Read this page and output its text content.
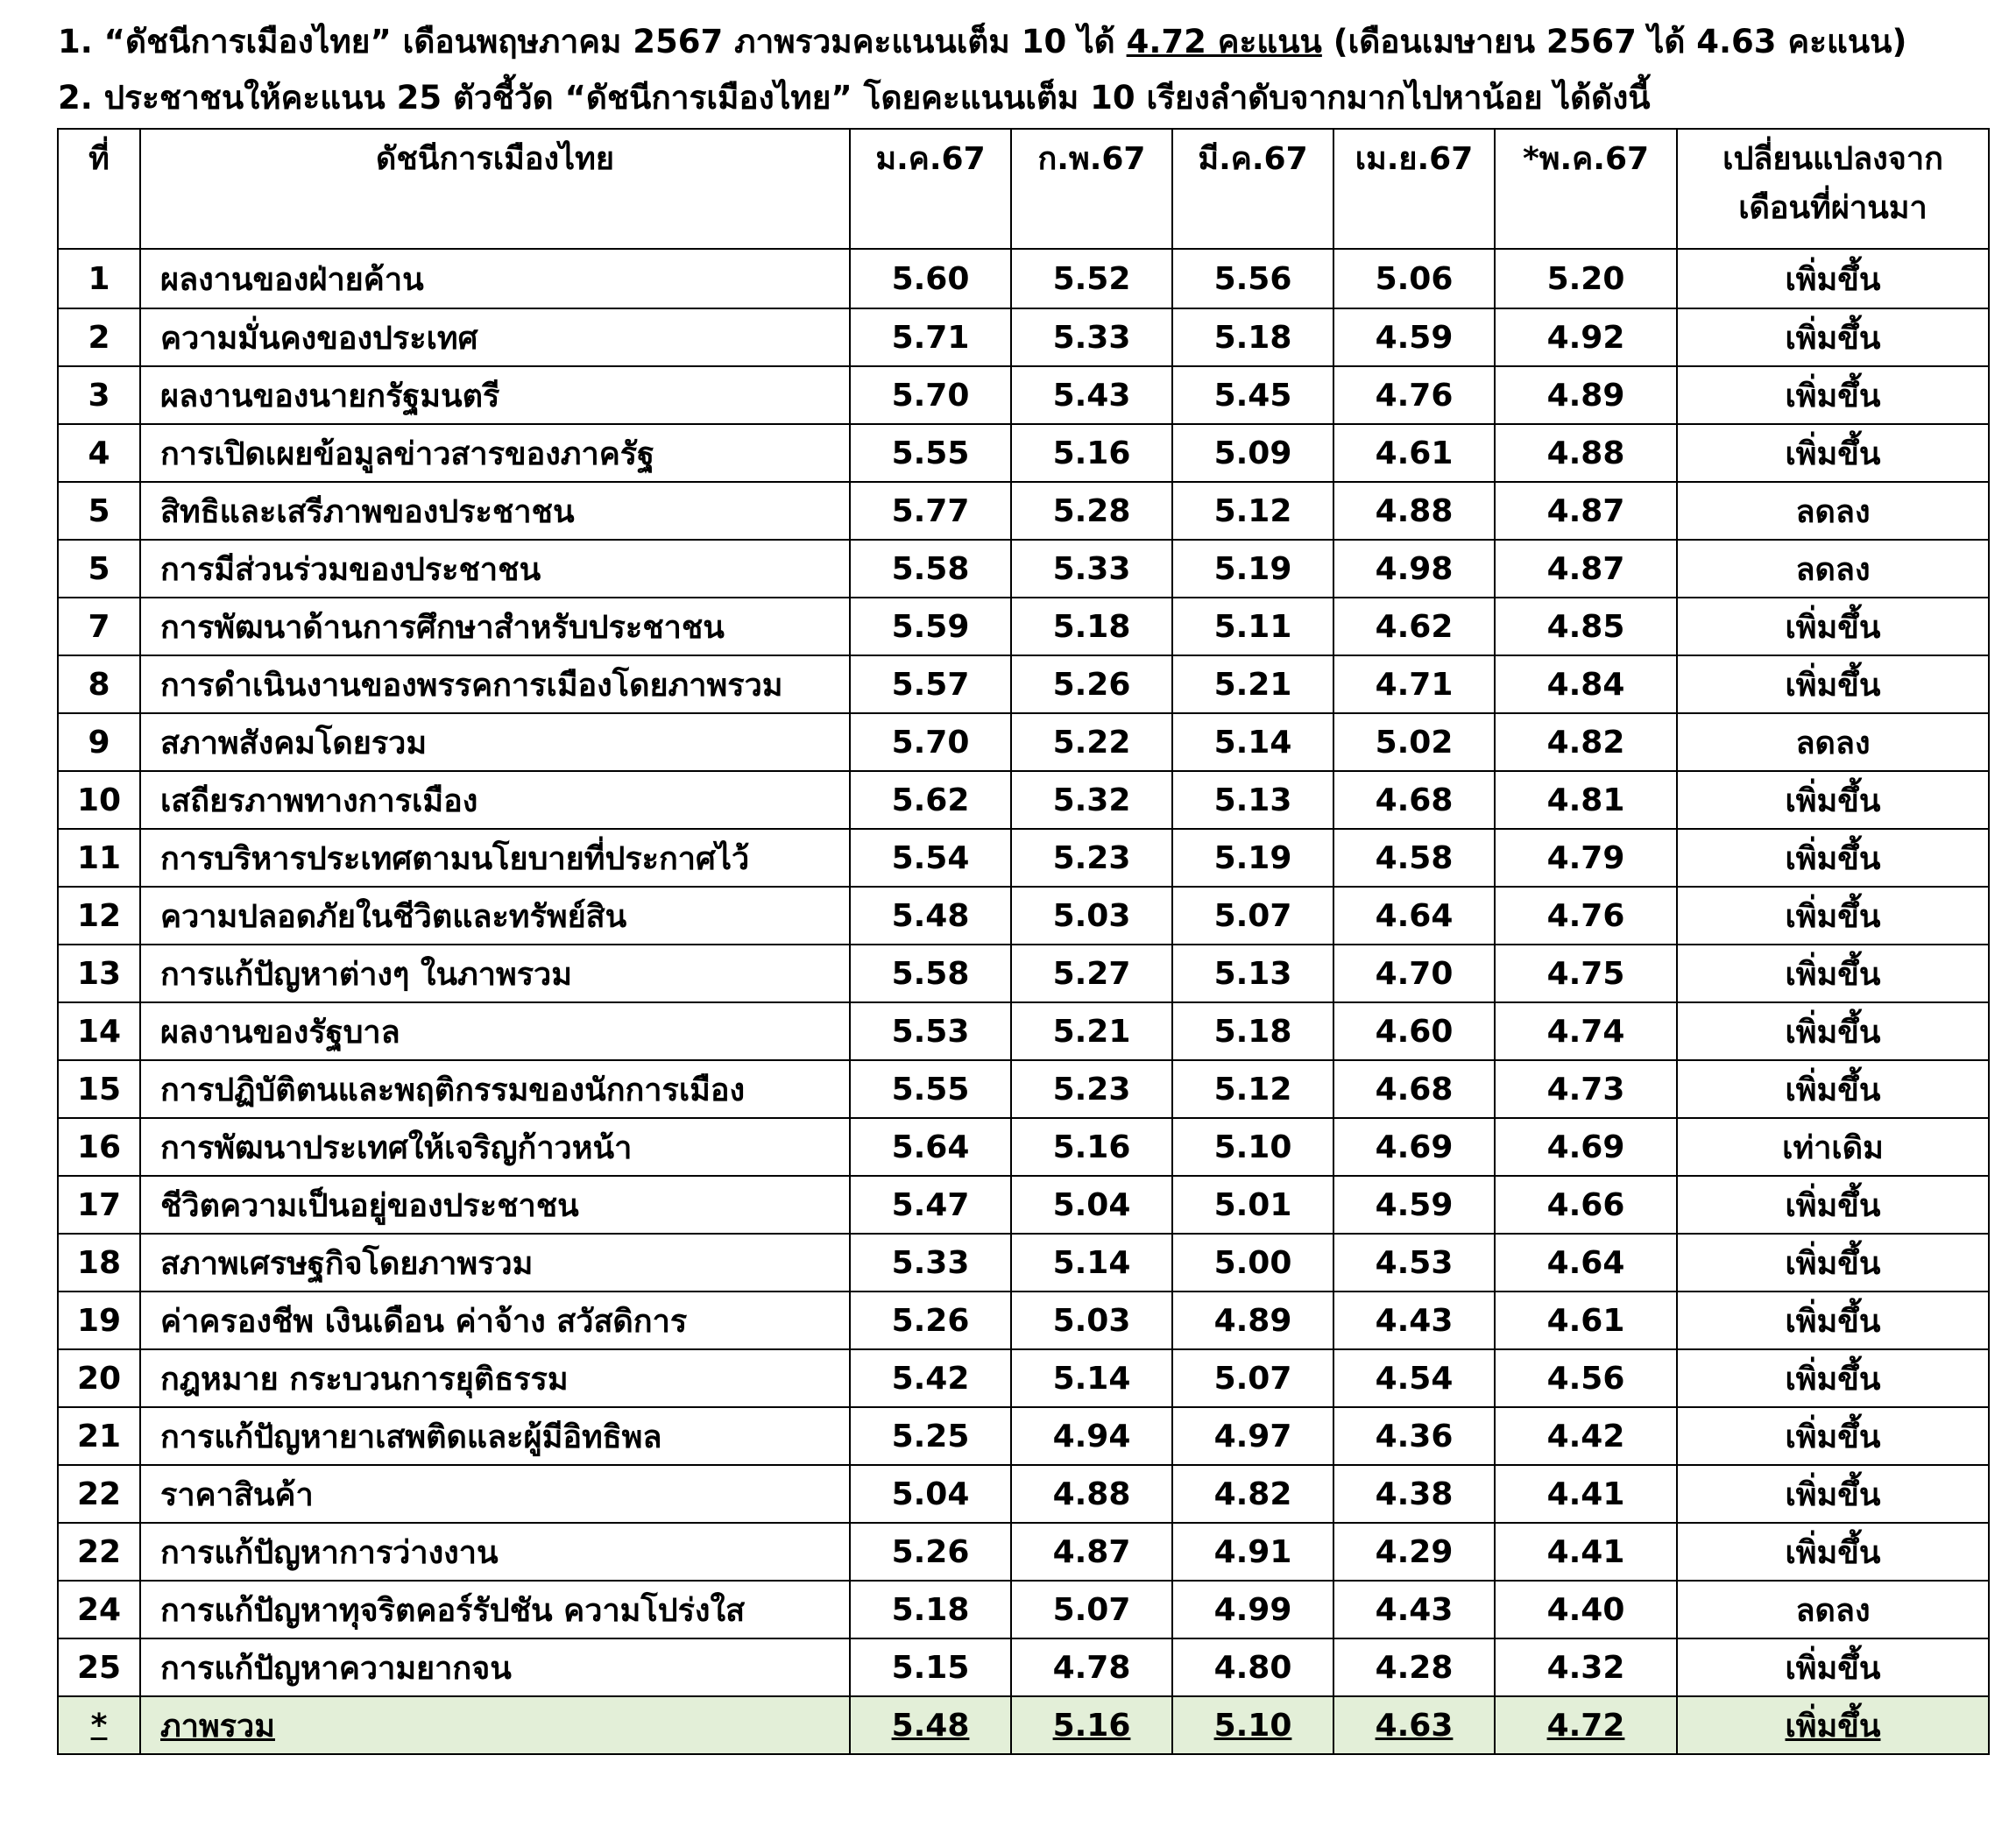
1. “ดัชนีการเมืองไทย” เดือนพฤษภาคม 2567 ภาพรวมคะแนนเต็ม 10 ได้ 4.72 คะแนน (เดือนเมษายน 2567 ได้ 4.63 คะแนน)
2. ประชาชนให้คะแนน 25 ตัวชี้วัด “ดัชนีการเมืองไทย” โดยคะแนนเต็ม 10 เรียงลำดับจากมากไปหาน้อย ได้ดังนี้
ที่	ดัชนีการเมืองไทย	ม.ค.67	ก.พ.67	มี.ค.67	เม.ย.67	*พ.ค.67	เปลี่ยนแปลงจาก
เดือนที่ผ่านมา

1	ผลงานของฝ่ายค้าน	5.60	5.52	5.56	5.06	5.20	เพิ่มขึ้น
2	ความมั่นคงของประเทศ	5.71	5.33	5.18	4.59	4.92	เพิ่มขึ้น
3	ผลงานของนายกรัฐมนตรี	5.70	5.43	5.45	4.76	4.89	เพิ่มขึ้น
4	การเปิดเผยข้อมูลข่าวสารของภาครัฐ	5.55	5.16	5.09	4.61	4.88	เพิ่มขึ้น
5	สิทธิและเสรีภาพของประชาชน	5.77	5.28	5.12	4.88	4.87	ลดลง
5	การมีส่วนร่วมของประชาชน	5.58	5.33	5.19	4.98	4.87	ลดลง
7	การพัฒนาด้านการศึกษาสำหรับประชาชน	5.59	5.18	5.11	4.62	4.85	เพิ่มขึ้น
8	การดำเนินงานของพรรคการเมืองโดยภาพรวม	5.57	5.26	5.21	4.71	4.84	เพิ่มขึ้น
9	สภาพสังคมโดยรวม	5.70	5.22	5.14	5.02	4.82	ลดลง
10	เสถียรภาพทางการเมือง	5.62	5.32	5.13	4.68	4.81	เพิ่มขึ้น
11	การบริหารประเทศตามนโยบายที่ประกาศไว้	5.54	5.23	5.19	4.58	4.79	เพิ่มขึ้น
12	ความปลอดภัยในชีวิตและทรัพย์สิน	5.48	5.03	5.07	4.64	4.76	เพิ่มขึ้น
13	การแก้ปัญหาต่างๆ ในภาพรวม	5.58	5.27	5.13	4.70	4.75	เพิ่มขึ้น
14	ผลงานของรัฐบาล	5.53	5.21	5.18	4.60	4.74	เพิ่มขึ้น
15	การปฏิบัติตนและพฤติกรรมของนักการเมือง	5.55	5.23	5.12	4.68	4.73	เพิ่มขึ้น
16	การพัฒนาประเทศให้เจริญก้าวหน้า	5.64	5.16	5.10	4.69	4.69	เท่าเดิม
17	ชีวิตความเป็นอยู่ของประชาชน	5.47	5.04	5.01	4.59	4.66	เพิ่มขึ้น
18	สภาพเศรษฐกิจโดยภาพรวม	5.33	5.14	5.00	4.53	4.64	เพิ่มขึ้น
19	ค่าครองชีพ เงินเดือน ค่าจ้าง สวัสดิการ	5.26	5.03	4.89	4.43	4.61	เพิ่มขึ้น
20	กฎหมาย กระบวนการยุติธรรม	5.42	5.14	5.07	4.54	4.56	เพิ่มขึ้น
21	การแก้ปัญหายาเสพติดและผู้มีอิทธิพล	5.25	4.94	4.97	4.36	4.42	เพิ่มขึ้น
22	ราคาสินค้า	5.04	4.88	4.82	4.38	4.41	เพิ่มขึ้น
22	การแก้ปัญหาการว่างงาน	5.26	4.87	4.91	4.29	4.41	เพิ่มขึ้น
24	การแก้ปัญหาทุจริตคอร์รัปชัน ความโปร่งใส	5.18	5.07	4.99	4.43	4.40	ลดลง
25	การแก้ปัญหาความยากจน	5.15	4.78	4.80	4.28	4.32	เพิ่มขึ้น
*	ภาพรวม	5.48	5.16	5.10	4.63	4.72	เพิ่มขึ้น
